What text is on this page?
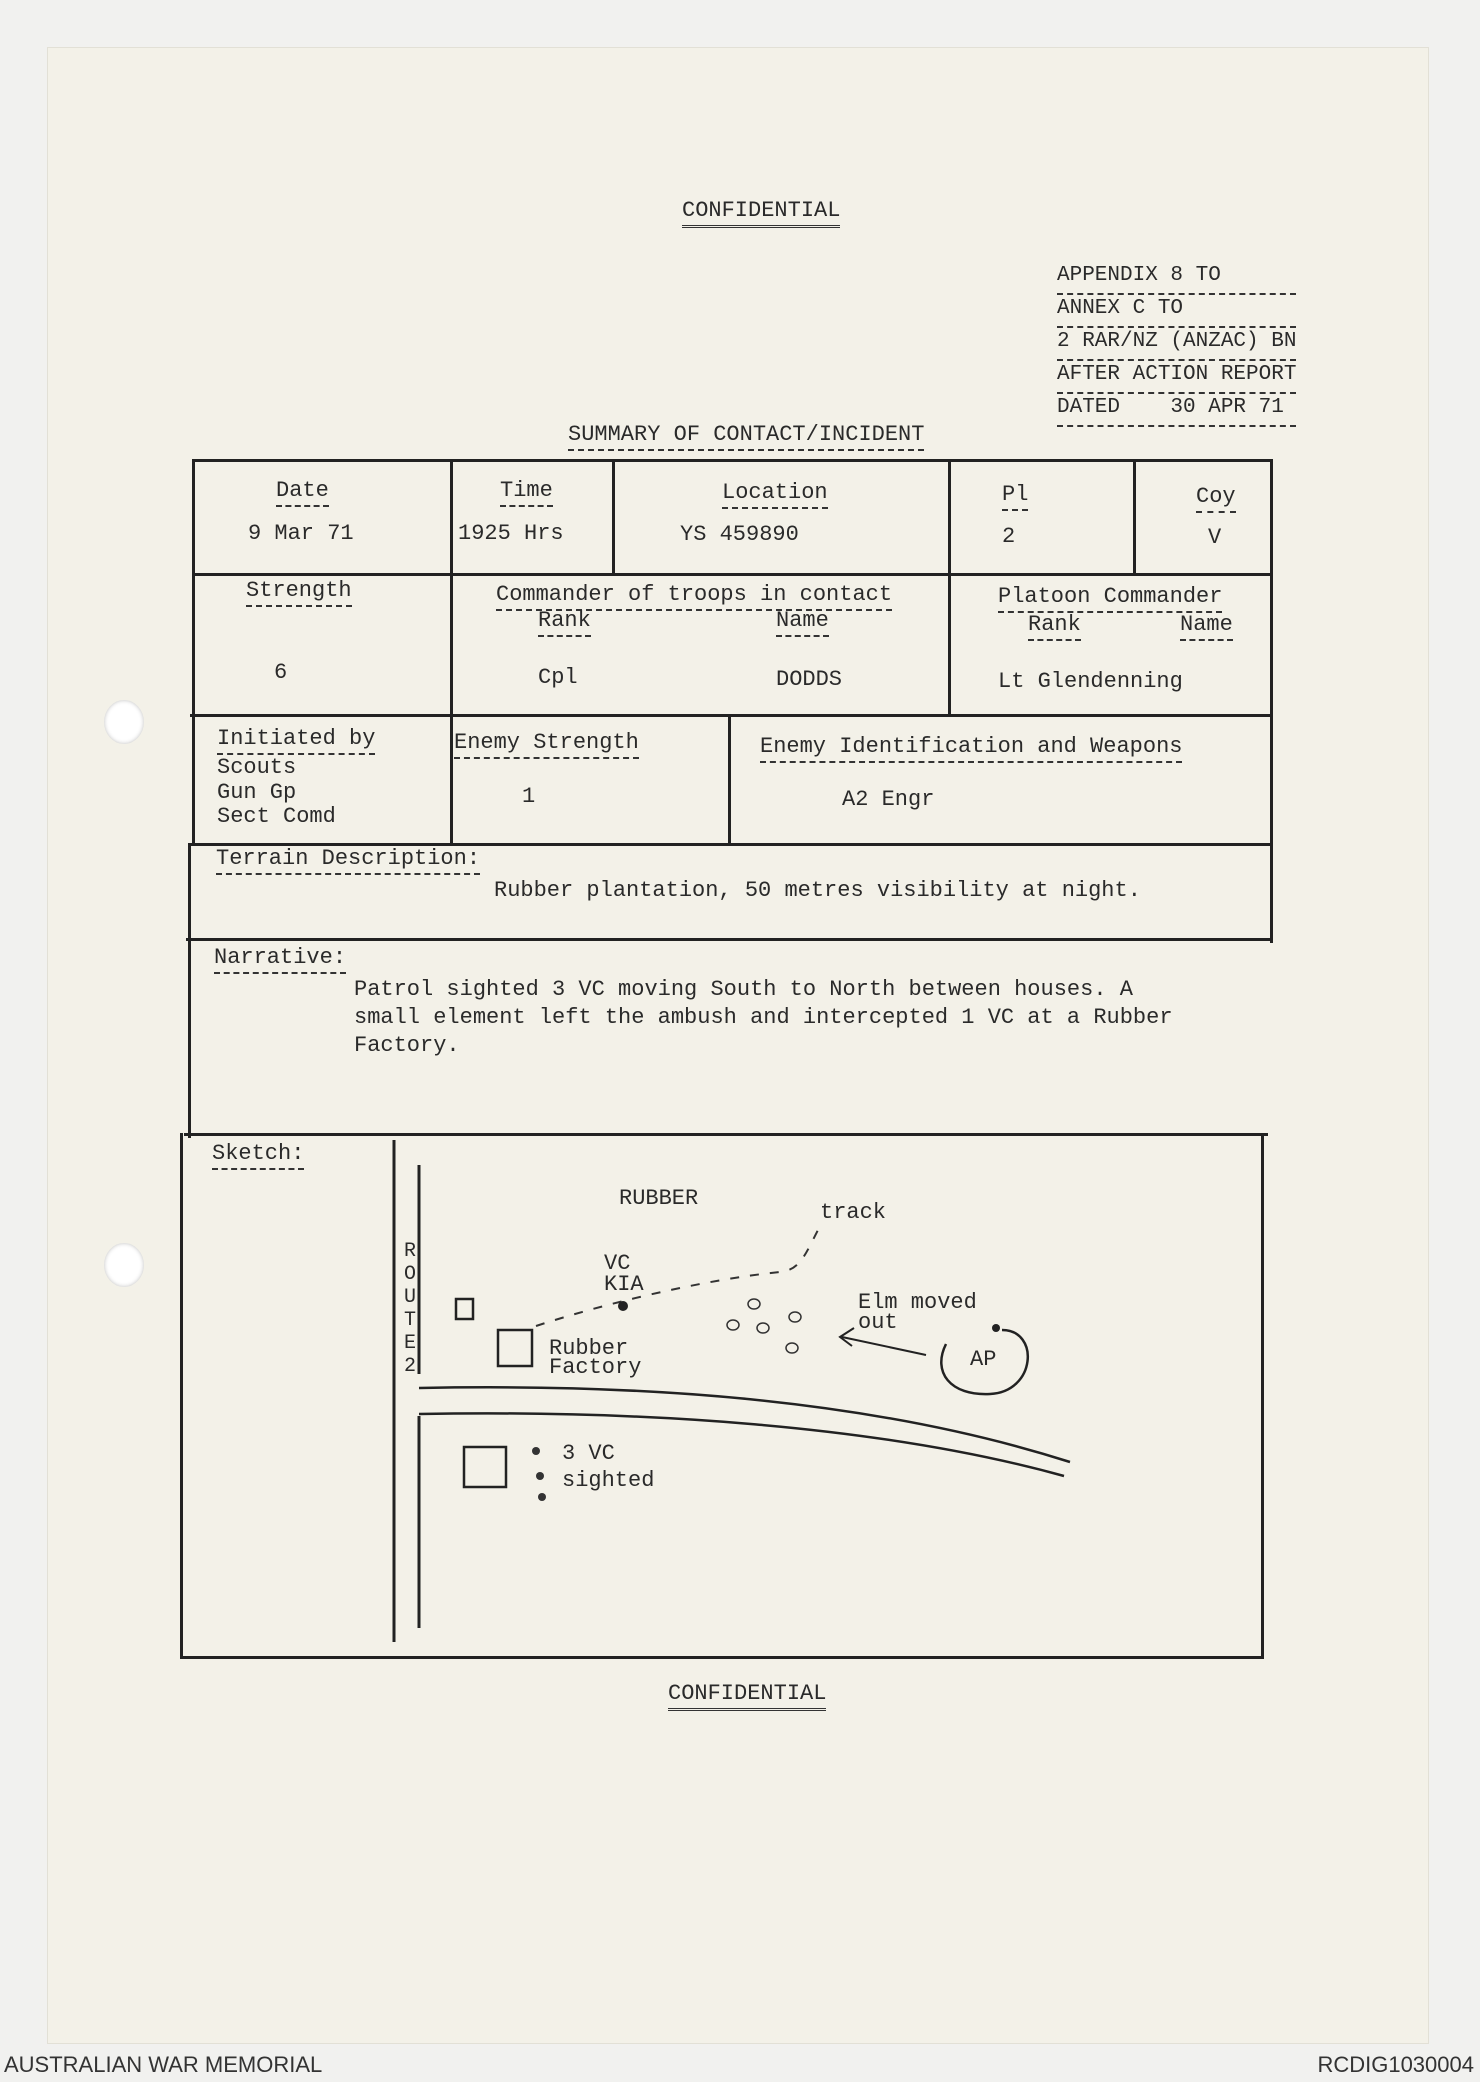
CONFIDENTIAL
APPENDIX 8 TO
ANNEX C TO
2 RAR/NZ (ANZAC) BN
AFTER ACTION REPORT
DATED    30 APR 71
SUMMARY OF CONTACT/INCIDENT
Date
9 Mar 71
Time
1925 Hrs
Location
YS 459890
Pl
2
Coy
V
Strength
6
Commander of troops in contact
Rank	Name
Cpl	DODDS
Platoon Commander
Rank	Name
Lt Glendenning
Initiated by
Scouts
Gun Gp
Sect Comd
Enemy Strength
1
Enemy Identification and Weapons
A2 Engr
Terrain Description:
Rubber plantation, 50 metres visibility at night.
Narrative:
Patrol sighted 3 VC moving South to North between houses. A
small element left the ambush and intercepted 1 VC at a Rubber
Factory.
Sketch:
RUBBER
track
ROUTE 2
VC
KIA
Elm moved
out
AP
Rubber
Factory
3 VC
sighted
CONFIDENTIAL
AUSTRALIAN WAR MEMORIAL	RCDIG1030004
